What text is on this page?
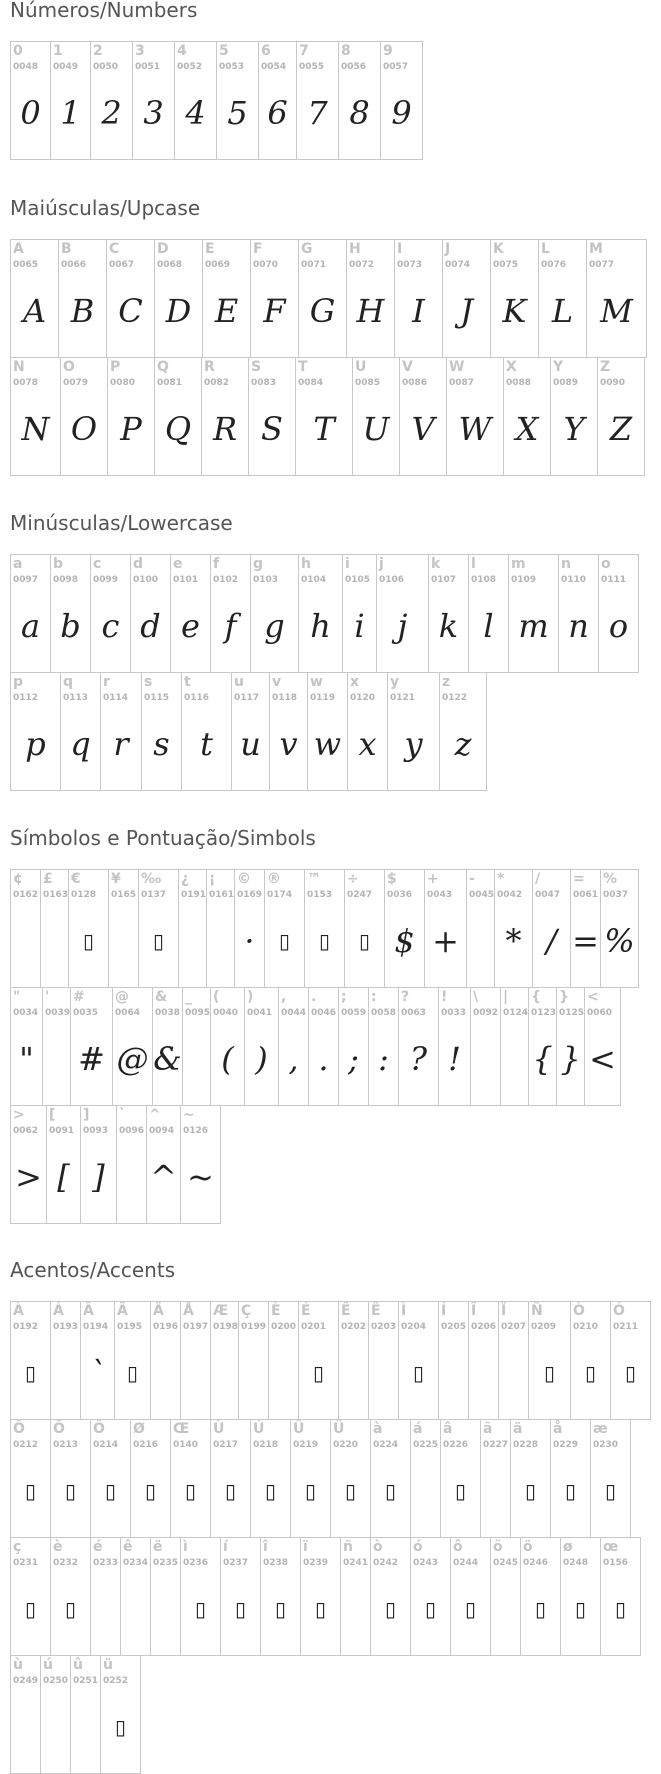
Números/Numbers
Maiúsculas/Upcase
Minúsculas/Lowercase
Símbolos e Pontuação/Simbols
Acentos/Accents
0
0048
0
1
0049
1
2
0050
2
3
0051
3
4
0052
4
5
0053
5
6
0054
6
7
0055
7
8
0056
8
9
0057
9
A
0065
A
B
0066
B
C
0067
C
D
0068
D
E
0069
E
F
0070
F
G
0071
G
H
0072
H
I
0073
I
J
0074
J
K
0075
K
L
0076
L
M
0077
M
N
0078
N
O
0079
O
P
0080
P
Q
0081
Q
R
0082
R
S
0083
S
T
0084
T
U
0085
U
V
0086
V
W
0087
W
X
0088
X
Y
0089
Y
Z
0090
Z
a
0097
a
b
0098
b
c
0099
c
d
0100
d
e
0101
e
f
0102
f
g
0103
g
h
0104
h
i
0105
i
j
0106
j
k
0107
k
l
0108
l
m
0109
m
n
0110
n
o
0111
o
p
0112
p
q
0113
q
r
0114
r
s
0115
s
t
0116
t
u
0117
u
v
0118
v
w
0119
w
x
0120
x
y
0121
y
z
0122
z
¢
0162
£
0163
€
0128
▯
¥
0165
‰
0137
▯
¿
0191
¡
0161
©
0169
·
®
0174
▯
™
0153
▯
÷
0247
▯
$
0036
$
+
0043
+
-
0045
*
0042
*
/
0047
/
=
0061
=
%
0037
%
"
0034
"
'
0039
#
0035
#
@
0064
@
&
0038
&
_
0095
(
0040
(
)
0041
)
,
0044
,
.
0046
.
;
0059
;
:
0058
:
?
0063
?
!
0033
!
\
0092
|
0124
{
0123
{
}
0125
}
<
0060
<
>
0062
>
[
0091
[
]
0093
]
`
0096
^
0094
^
~
0126
~
À
0192
▯
Á
0193
Â
0194
`
Ã
0195
▯
Ä
0196
Å
0197
Æ
0198
Ç
0199
È
0200
É
0201
▯
Ê
0202
Ë
0203
Ì
0204
▯
Í
0205
Î
0206
Ï
0207
Ñ
0209
▯
Ò
0210
▯
Ó
0211
▯
Ô
0212
▯
Õ
0213
▯
Ö
0214
▯
Ø
0216
▯
Œ
0140
▯
Ù
0217
▯
Ú
0218
▯
Û
0219
▯
Ü
0220
▯
à
0224
▯
á
0225
â
0226
▯
ã
0227
ä
0228
▯
å
0229
▯
æ
0230
▯
ç
0231
▯
è
0232
▯
é
0233
ê
0234
ë
0235
ì
0236
▯
í
0237
▯
î
0238
▯
ï
0239
▯
ñ
0241
ò
0242
▯
ó
0243
▯
ô
0244
▯
õ
0245
ö
0246
▯
ø
0248
▯
œ
0156
▯
ù
0249
ú
0250
û
0251
ü
0252
▯
